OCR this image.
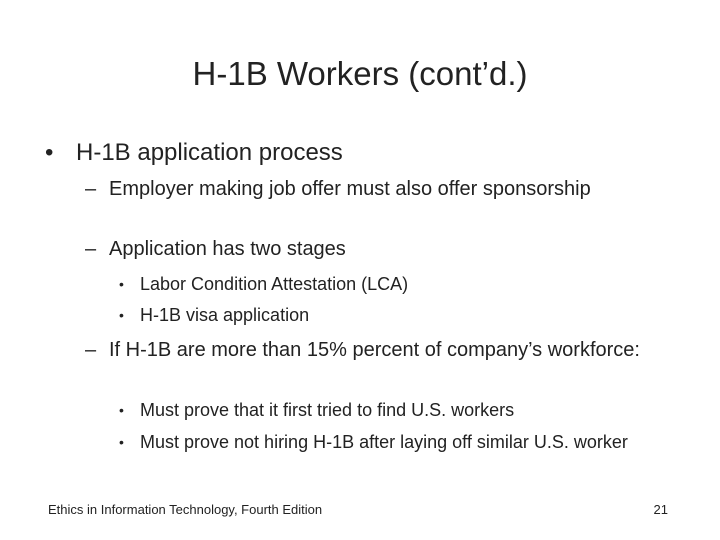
H-1B Workers (cont’d.)
• H-1B application process
– Employer making job offer must also offer sponsorship
– Application has two stages
• Labor Condition Attestation (LCA)
• H-1B visa application
– If H-1B are more than 15% percent of company’s workforce:
• Must prove that it first tried to find U.S. workers
• Must prove not hiring H-1B after laying off similar U.S. worker
Ethics in Information Technology, Fourth Edition	21
